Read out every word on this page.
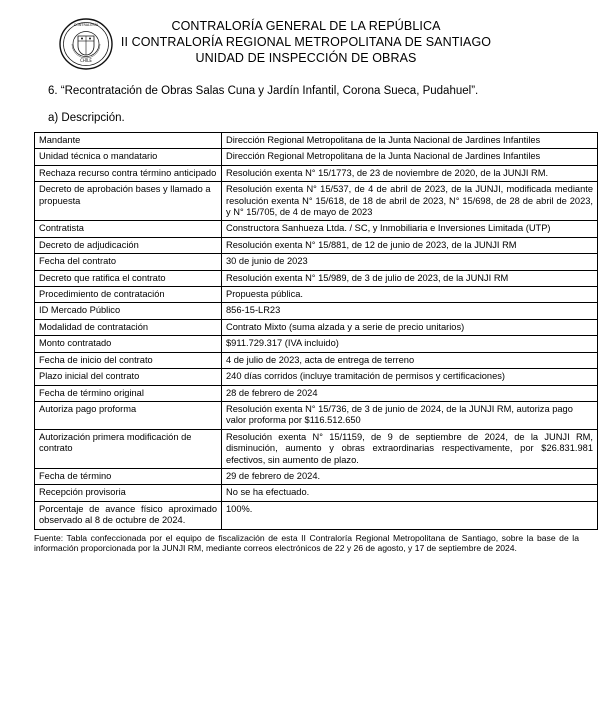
CHILE
CONTRALORÍA	CONTRALORÍA GENERAL DE LA REPÚBLICA
II CONTRALORÍA REGIONAL METROPOLITANA DE SANTIAGO
UNIDAD DE INSPECCIÓN DE OBRAS
6. “Recontratación de Obras Salas Cuna y Jardín Infantil, Corona Sueca, Pudahuel”.
a) Descripción.
Mandante	Dirección Regional Metropolitana de la Junta Nacional de Jardines Infantiles
Unidad técnica o mandatario	Dirección Regional Metropolitana de la Junta Nacional de Jardines Infantiles
Rechaza recurso contra término anticipado	Resolución exenta N° 15/1773, de 23 de noviembre de 2020, de la JUNJI RM.
Decreto de aprobación bases y llamado a propuesta	Resolución exenta N° 15/537, de 4 de abril de 2023, de la JUNJI, modificada mediante resolución exenta N° 15/618, de 18 de abril de 2023, N° 15/698, de 28 de abril de 2023, y N° 15/705, de 4 de mayo de 2023
Contratista	Constructora Sanhueza Ltda. / SC, y Inmobiliaria e Inversiones Limitada (UTP)
Decreto de adjudicación	Resolución exenta N° 15/881, de 12 de junio de 2023, de la JUNJI RM
Fecha del contrato	30 de junio de 2023
Decreto que ratifica el contrato	Resolución exenta N° 15/989, de 3 de julio de 2023, de la JUNJI RM
Procedimiento de contratación	Propuesta pública.
ID Mercado Público	856-15-LR23
Modalidad de contratación	Contrato Mixto (suma alzada y a serie de precio unitarios)
Monto contratado	$911.729.317 (IVA incluido)
Fecha de inicio del contrato	4 de julio de 2023, acta de entrega de terreno
Plazo inicial del contrato	240 días corridos (incluye tramitación de permisos y certificaciones)
Fecha de término original	28 de febrero de 2024
Autoriza pago proforma	Resolución exenta N° 15/736, de 3 de junio de 2024, de la JUNJI RM, autoriza pago valor proforma por $116.512.650
Autorización primera modificación de contrato	Resolución exenta N° 15/1159, de 9 de septiembre de 2024, de la JUNJI RM, disminución, aumento y obras extraordinarias respectivamente, por $26.831.981 efectivos, sin aumento de plazo.
Fecha de término	29 de febrero de 2024.
Recepción provisoria	No se ha efectuado.
Porcentaje de avance físico aproximado observado al 8 de octubre de 2024.	100%.
Fuente: Tabla confeccionada por el equipo de fiscalización de esta II Contraloría Regional Metropolitana de Santiago, sobre la base de la información proporcionada por la JUNJI RM, mediante correos electrónicos de 22 y 26 de agosto, y 17 de septiembre de 2024.
